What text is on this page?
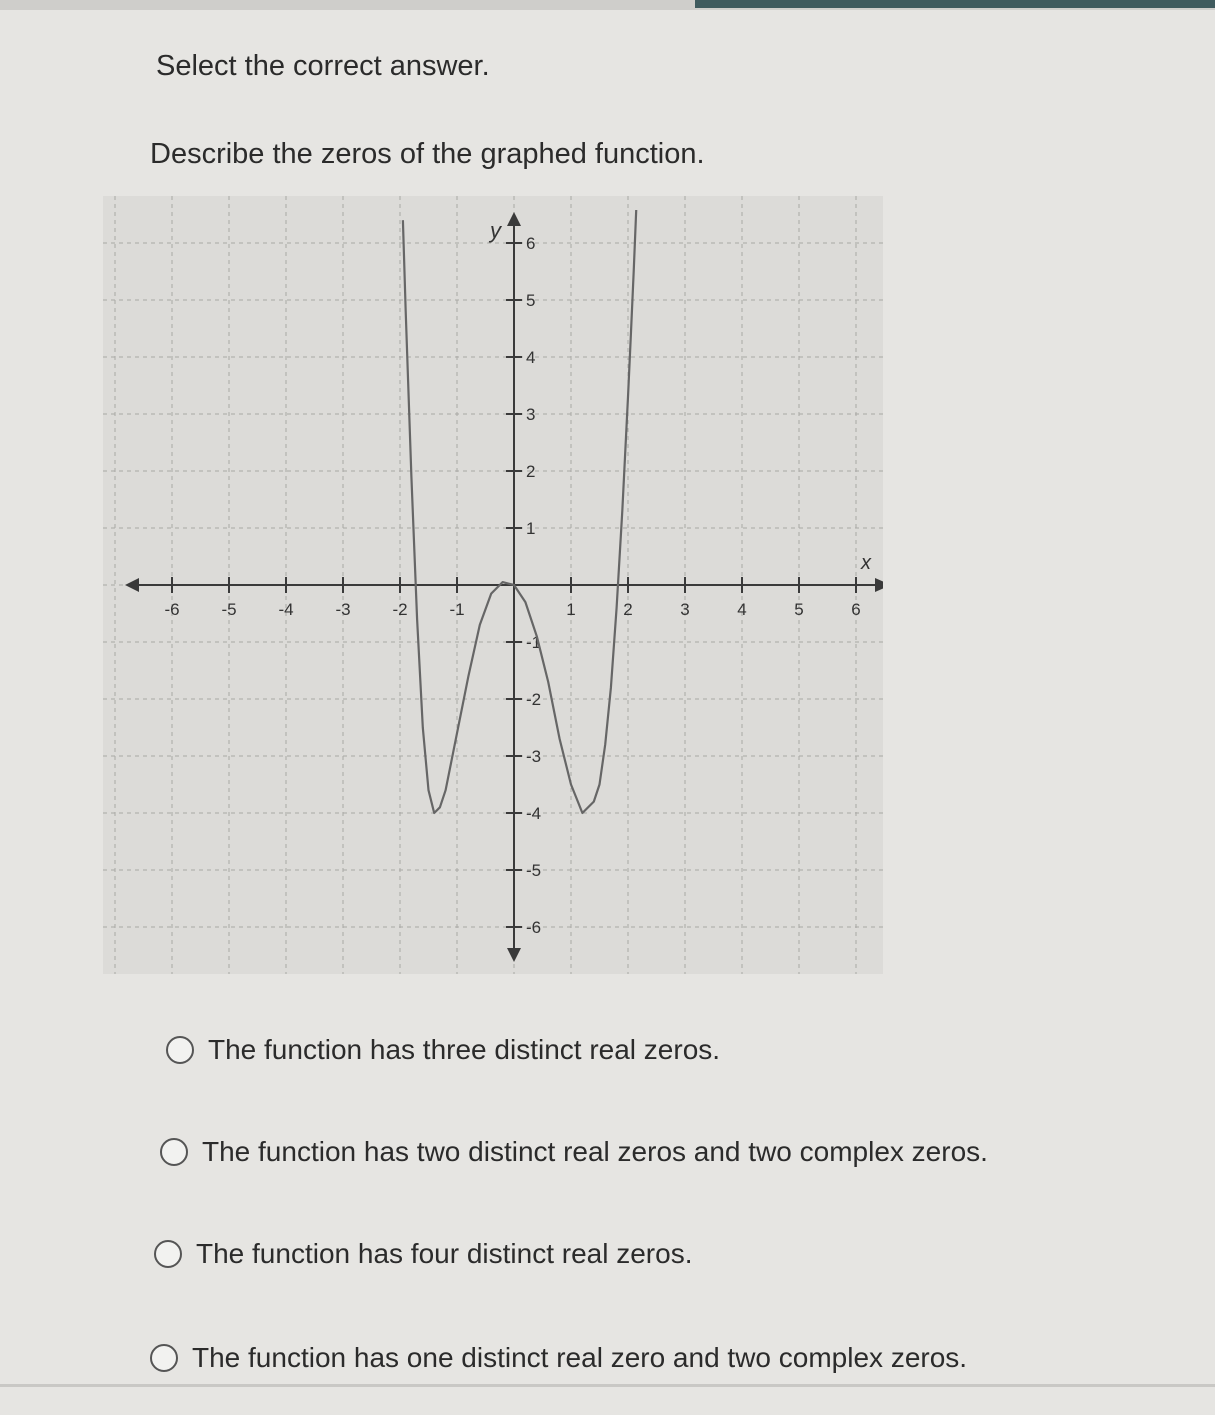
Select the correct answer.
Describe the zeros of the graphed function.
x
y
-6 -5 -4 -3 -2 -1	1	2	3	4	5	6
6
5
4
3
2
1
-1
-2
-3
-4
-5
-6
The function has three distinct real zeros.
The function has two distinct real zeros and two complex zeros.
The function has four distinct real zeros.
The function has one distinct real zero and two complex zeros.
